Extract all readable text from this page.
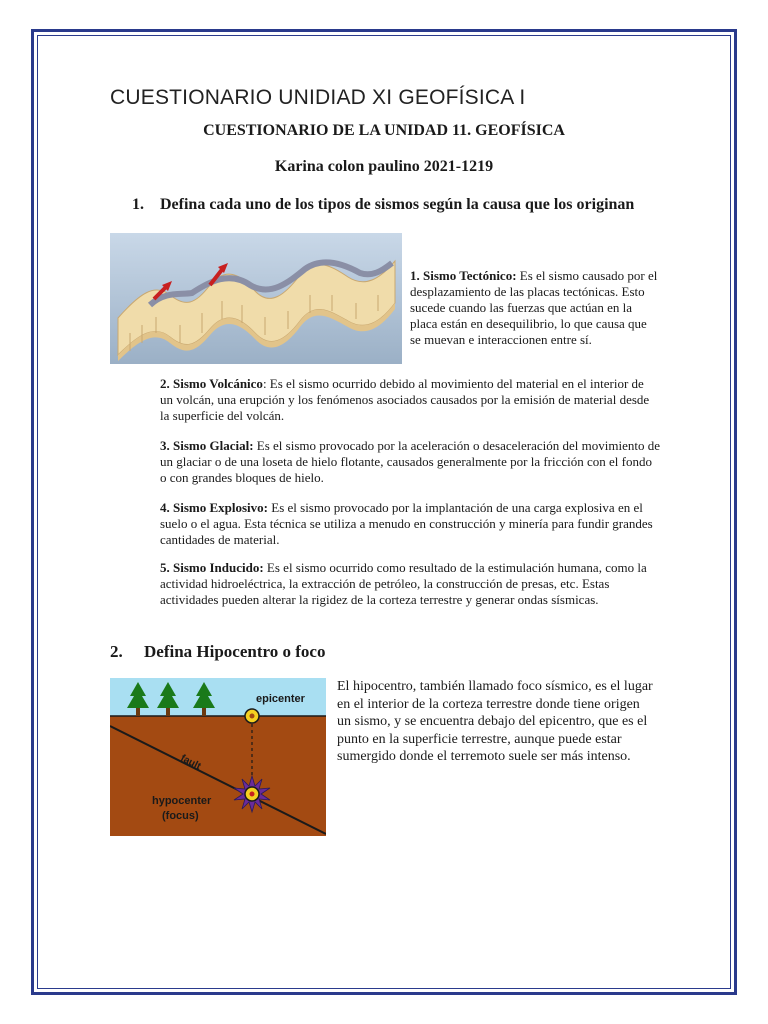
CUESTIONARIO UNIDIAD XI GEOFÍSICA I
CUESTIONARIO DE LA UNIDAD 11. GEOFÍSICA
Karina colon paulino 2021-1219
1.	Defina cada uno de los tipos de sismos según la causa que los originan
1. Sismo Tectónico: Es el sismo causado por el desplazamiento de las placas tectónicas. Esto sucede cuando las fuerzas que actúan en la placa están en desequilibrio, lo que causa que se muevan e interaccionen entre sí.
2. Sismo Volcánico: Es el sismo ocurrido debido al movimiento del material en el interior de un volcán, una erupción y los fenómenos asociados causados por la emisión de material desde la superficie del volcán.
3. Sismo Glacial: Es el sismo provocado por la aceleración o desaceleración del movimiento de un glaciar o de una loseta de hielo flotante, causados generalmente por la fricción con el fondo o con grandes bloques de hielo.
4. Sismo Explosivo: Es el sismo provocado por la implantación de una carga explosiva en el suelo o el agua. Esta técnica se utiliza a menudo en construcción y minería para fundir grandes cantidades de material.
5. Sismo Inducido: Es el sismo ocurrido como resultado de la estimulación humana, como la actividad hidroeléctrica, la extracción de petróleo, la construcción de presas, etc. Estas actividades pueden alterar la rigidez de la corteza terrestre y generar ondas sísmicas.
2. Defina Hipocentro o foco
epicenter
fault
hypocenter
(focus)
El hipocentro, también llamado foco sísmico, es el lugar en el interior de la corteza terrestre donde tiene origen un sismo, y se encuentra debajo del epicentro, que es el punto en la superficie terrestre, aunque puede estar sumergido donde el terremoto suele ser más intenso.
